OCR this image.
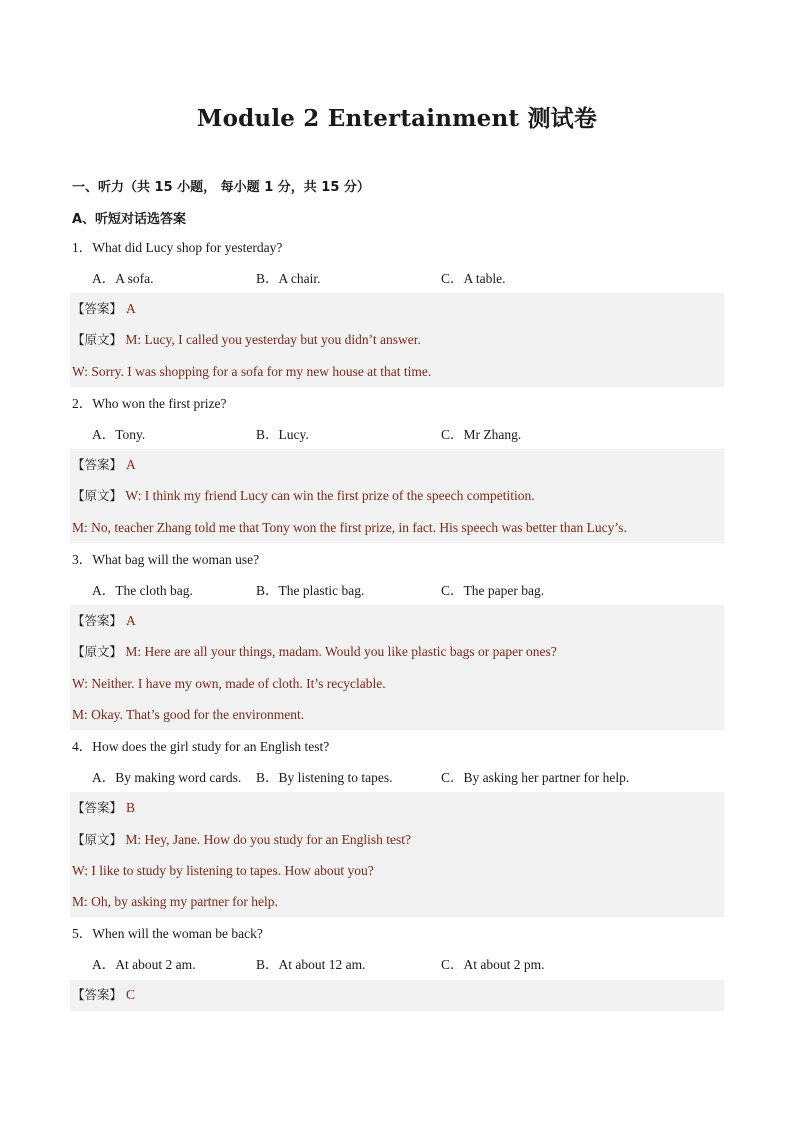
Module 2 Entertainment 测试卷
一、听力（共 15 小题， 每小题 1 分，共 15 分）
A、听短对话选答案
1．What did Lucy shop for yesterday?
A．A sofa.	B．A chair.	C．A table.
【答案】 A
【原文】 M: Lucy, I called you yesterday but you didn’t answer.
W: Sorry. I was shopping for a sofa for my new house at that time.
2．Who won the first prize?
A．Tony.	B．Lucy.	C．Mr Zhang.
【答案】 A
【原文】 W: I think my friend Lucy can win the first prize of the speech competition.
M: No, teacher Zhang told me that Tony won the first prize, in fact. His speech was better than Lucy’s.
3．What bag will the woman use?
A．The cloth bag.	B．The plastic bag.	C．The paper bag.
【答案】 A
【原文】 M: Here are all your things, madam. Would you like plastic bags or paper ones?
W: Neither. I have my own, made of cloth. It’s recyclable.
M: Okay. That’s good for the environment.
4．How does the girl study for an English test?
A．By making word cards. B．By listening to tapes.	C．By asking her partner for help.
【答案】 B
【原文】 M: Hey, Jane. How do you study for an English test?
W: I like to study by listening to tapes. How about you?
M: Oh, by asking my partner for help.
5．When will the woman be back?
A．At about 2 am.	B．At about 12 am.	C．At about 2 pm.
【答案】 C
